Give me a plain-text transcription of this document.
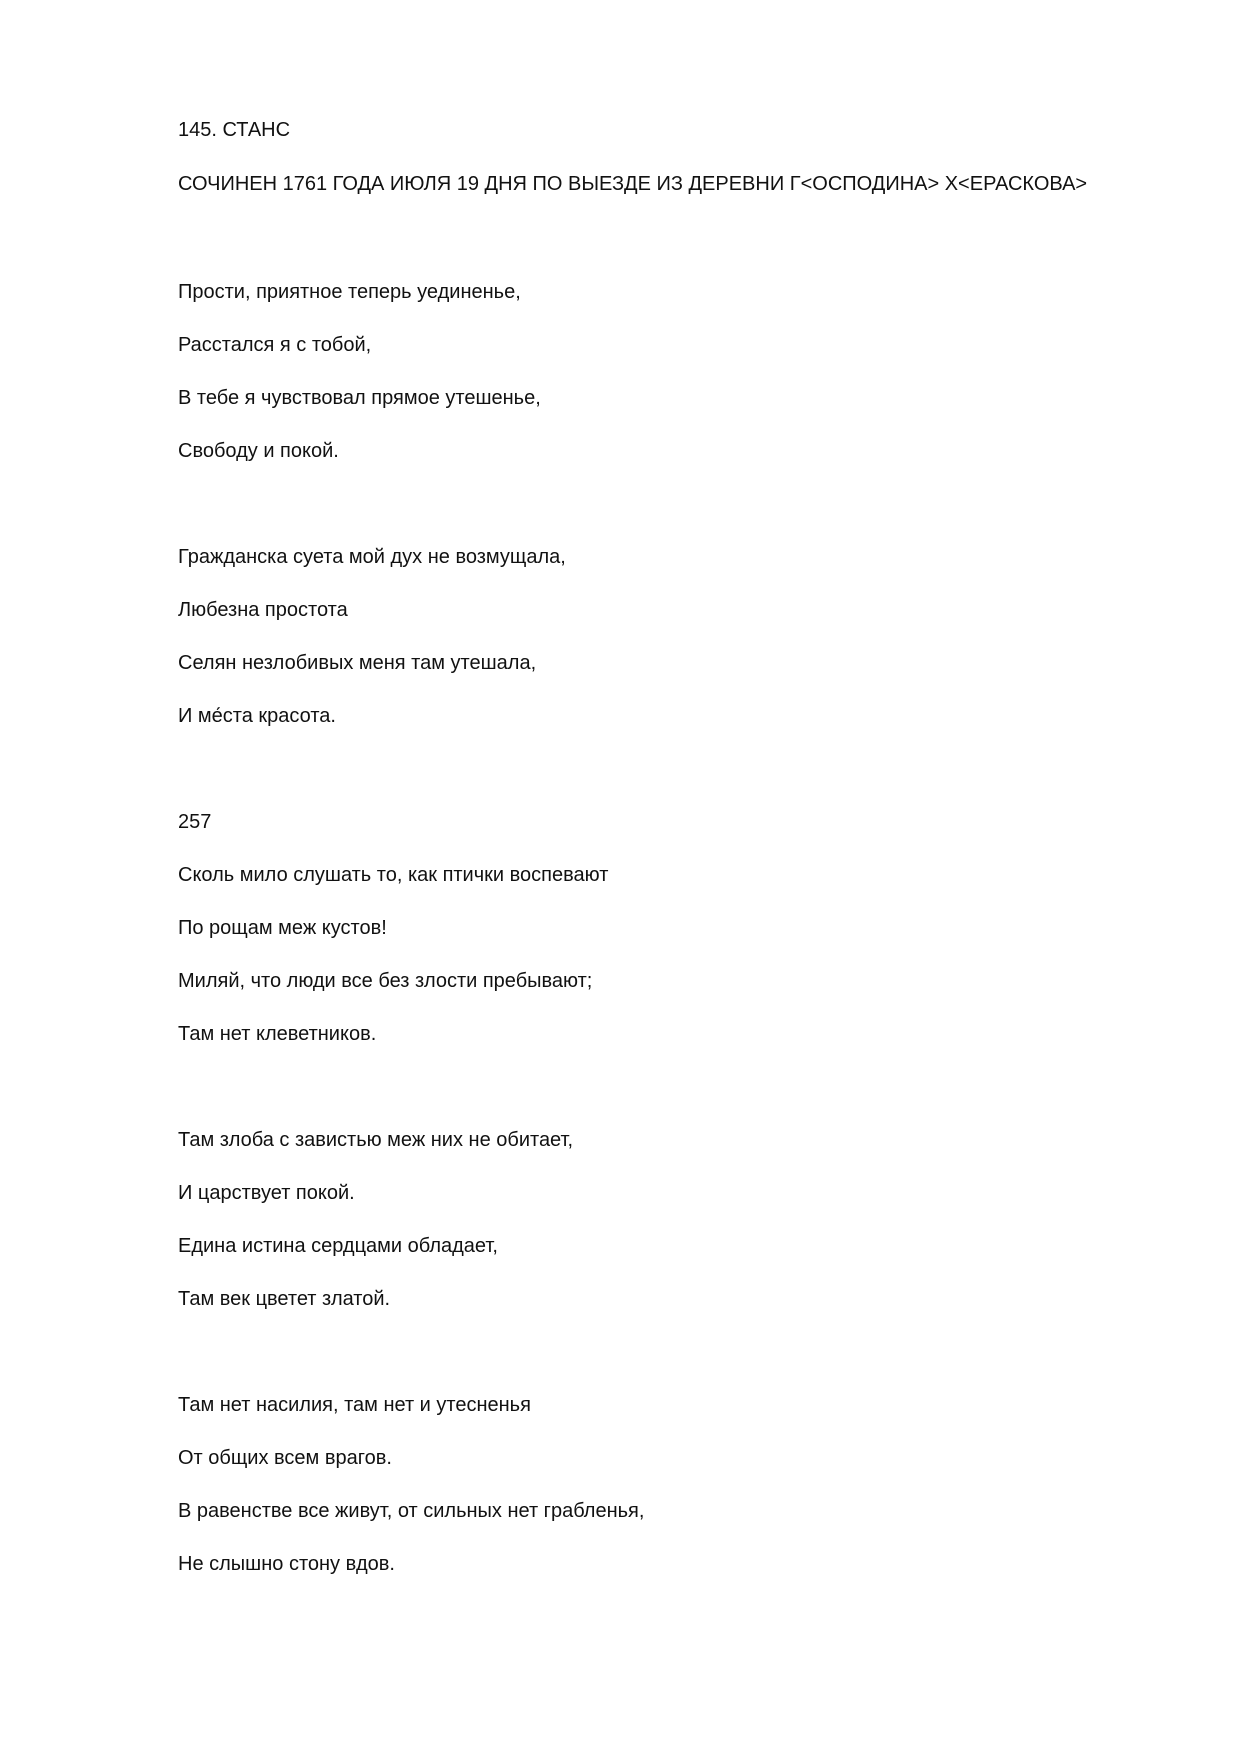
145. СТАНС
СОЧИНЕН 1761 ГОДА ИЮЛЯ 19 ДНЯ ПО ВЫЕЗДЕ ИЗ ДЕРЕВНИ Г<ОСПОДИНА> Х<ЕРАСКОВА>

Прости, приятное теперь уединенье,

Расстался я с тобой,

В тебе я чувствовал прямое утешенье,

Свободу и покой.

Гражданска суета мой дух не возмущала,

Любезна простота

Селян незлобивых меня там утешала,

И ме́ста красота.

257

Сколь мило слушать то, как птички воспевают

По рощам меж кустов!

Миляй, что люди все без злости пребывают;

Там нет клеветников.

Там злоба с завистью меж них не обитает,

И царствует покой.

Едина истина сердцами обладает,

Там век цветет златой.

Там нет насилия, там нет и утесненья

От общих всем врагов.

В равенстве все живут, от сильных нет грабленья,

Не слышно стону вдов.
